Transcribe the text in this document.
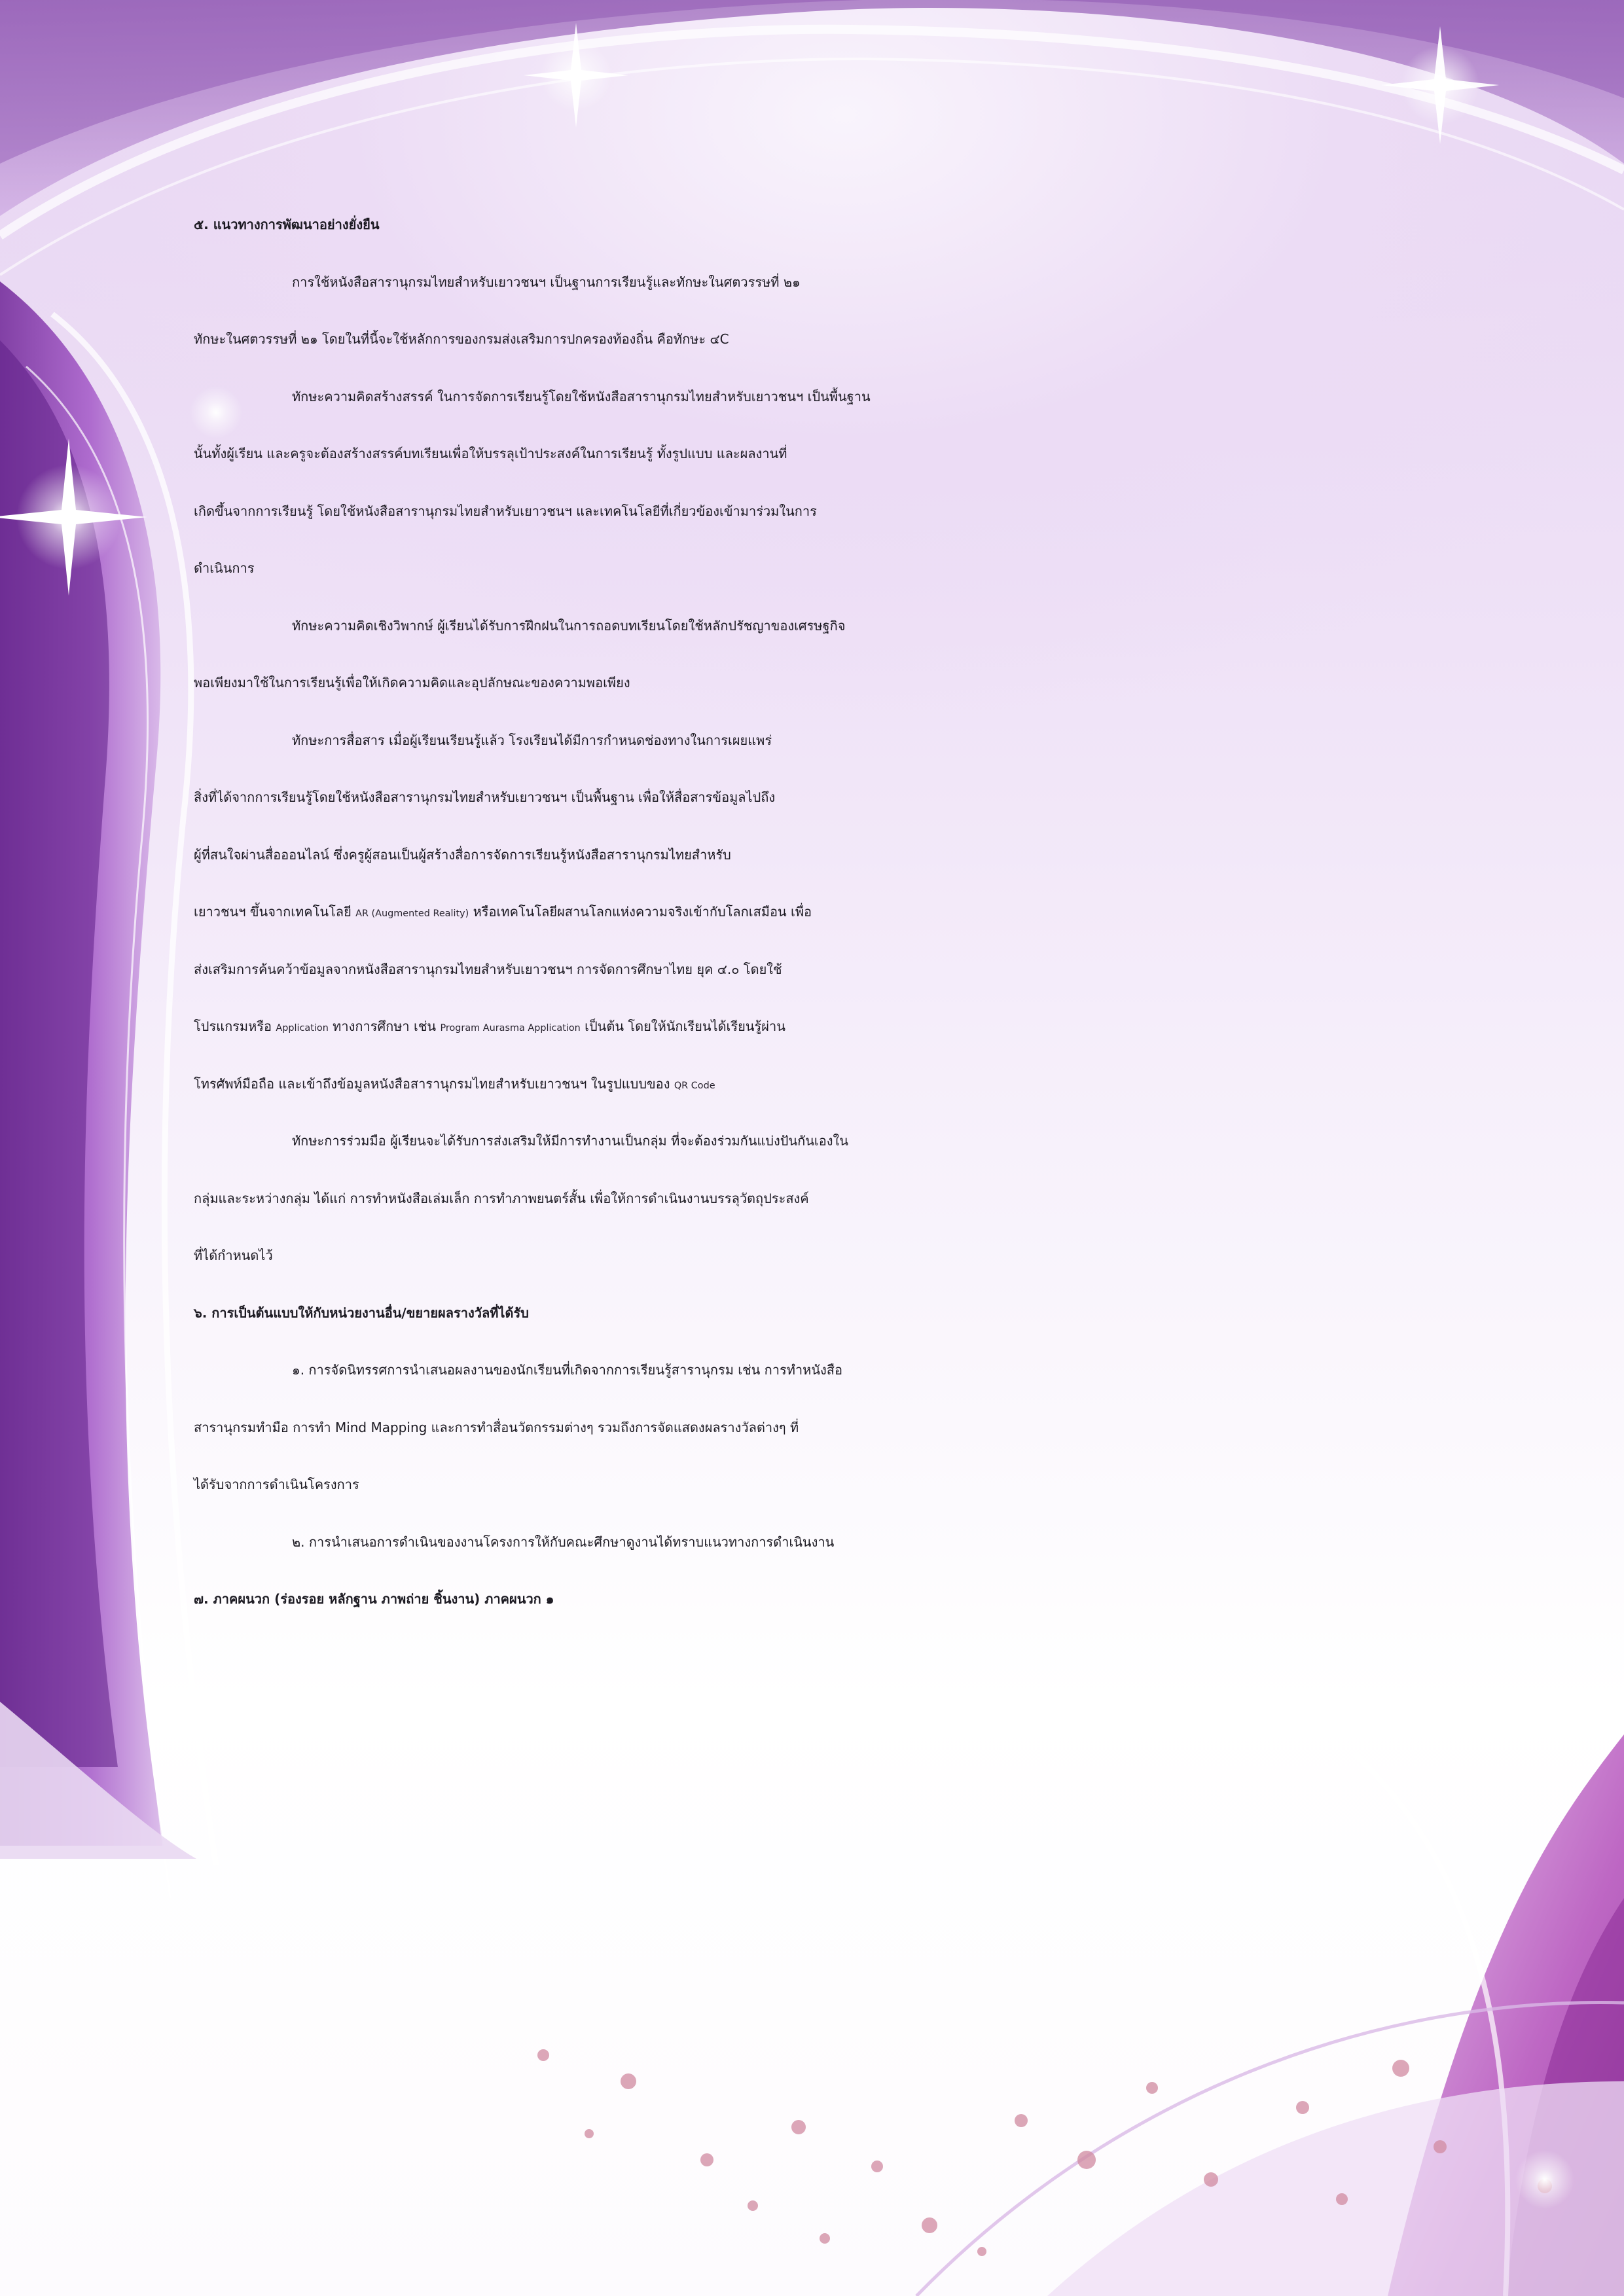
๕. แนวทางการพัฒนาอย่างยั่งยืน
การใช้หนังสือสารานุกรมไทยสำหรับเยาวชนฯ เป็นฐานการเรียนรู้และทักษะในศตวรรษที่ ๒๑
ทักษะในศตวรรษที่ ๒๑ โดยในที่นี้จะใช้หลักการของกรมส่งเสริมการปกครองท้องถิ่น คือทักษะ ๔C
ทักษะความคิดสร้างสรรค์ ในการจัดการเรียนรู้โดยใช้หนังสือสารานุกรมไทยสำหรับเยาวชนฯ เป็นพื้นฐาน
นั้นทั้งผู้เรียน และครูจะต้องสร้างสรรค์บทเรียนเพื่อให้บรรลุเป้าประสงค์ในการเรียนรู้ ทั้งรูปแบบ และผลงานที่
เกิดขึ้นจากการเรียนรู้ โดยใช้หนังสือสารานุกรมไทยสำหรับเยาวชนฯ และเทคโนโลยีที่เกี่ยวข้องเข้ามาร่วมในการ
ดำเนินการ
ทักษะความคิดเชิงวิพากษ์ ผู้เรียนได้รับการฝึกฝนในการถอดบทเรียนโดยใช้หลักปรัชญาของเศรษฐกิจ
พอเพียงมาใช้ในการเรียนรู้เพื่อให้เกิดความคิดและอุปลักษณะของความพอเพียง
ทักษะการสื่อสาร เมื่อผู้เรียนเรียนรู้แล้ว โรงเรียนได้มีการกำหนดช่องทางในการเผยแพร่
สิ่งที่ได้จากการเรียนรู้โดยใช้หนังสือสารานุกรมไทยสำหรับเยาวชนฯ เป็นพื้นฐาน เพื่อให้สื่อสารข้อมูลไปถึง
ผู้ที่สนใจผ่านสื่อออนไลน์ ซึ่งครูผู้สอนเป็นผู้สร้างสื่อการจัดการเรียนรู้หนังสือสารานุกรมไทยสำหรับ
เยาวชนฯ ขึ้นจากเทคโนโลยี AR (Augmented Reality) หรือเทคโนโลยีผสานโลกแห่งความจริงเข้ากับโลกเสมือน เพื่อ
ส่งเสริมการค้นคว้าข้อมูลจากหนังสือสารานุกรมไทยสำหรับเยาวชนฯ การจัดการศึกษาไทย ยุค ๔.๐ โดยใช้
โปรแกรมหรือ Application ทางการศึกษา เช่น Program Aurasma Application เป็นต้น โดยให้นักเรียนได้เรียนรู้ผ่าน
โทรศัพท์มือถือ และเข้าถึงข้อมูลหนังสือสารานุกรมไทยสำหรับเยาวชนฯ ในรูปแบบของ QR Code
ทักษะการร่วมมือ ผู้เรียนจะได้รับการส่งเสริมให้มีการทำงานเป็นกลุ่ม ที่จะต้องร่วมกันแบ่งปันกันเองใน
กลุ่มและระหว่างกลุ่ม ได้แก่ การทำหนังสือเล่มเล็ก การทำภาพยนตร์สั้น เพื่อให้การดำเนินงานบรรลุวัตถุประสงค์
ที่ได้กำหนดไว้
๖. การเป็นต้นแบบให้กับหน่วยงานอื่น/ขยายผลรางวัลที่ได้รับ
๑. การจัดนิทรรศการนำเสนอผลงานของนักเรียนที่เกิดจากการเรียนรู้สารานุกรม เช่น การทำหนังสือ
สารานุกรมทำมือ การทำ Mind Mapping และการทำสื่อนวัตกรรมต่างๆ รวมถึงการจัดแสดงผลรางวัลต่างๆ ที่
ได้รับจากการดำเนินโครงการ
๒. การนำเสนอการดำเนินของงานโครงการให้กับคณะศึกษาดูงานได้ทราบแนวทางการดำเนินงาน
๗. ภาคผนวก (ร่องรอย หลักฐาน ภาพถ่าย ชิ้นงาน) ภาคผนวก ๑
